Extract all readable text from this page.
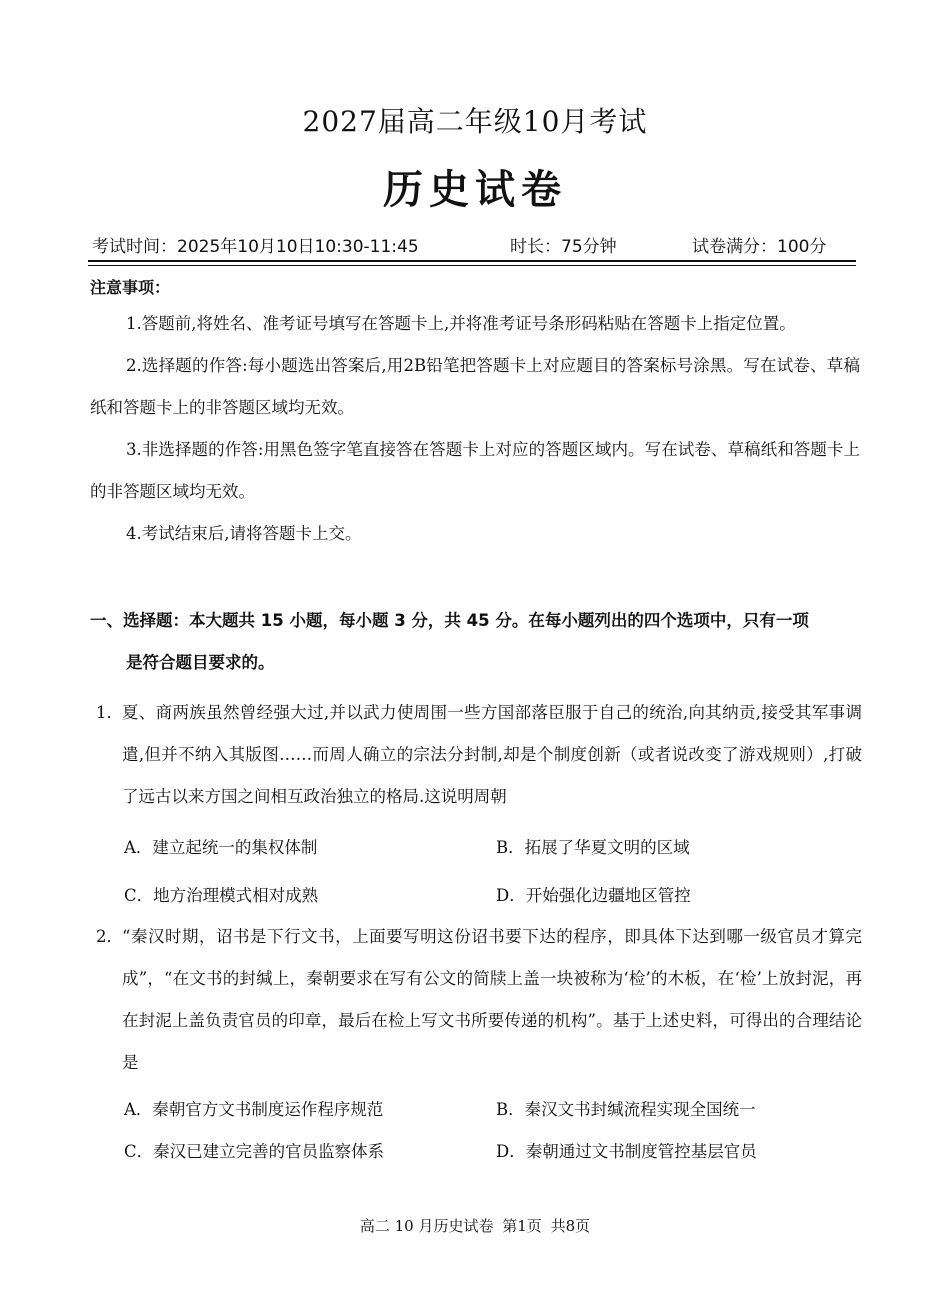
2027届高二年级10月考试
历史试卷
考试时间：2025年10月10日10:30-11:45	时长：75分钟	试卷满分：100分
注意事项：
1.答题前,将姓名、准考证号填写在答题卡上,并将准考证号条形码粘贴在答题卡上指定位置。
2.选择题的作答:每小题选出答案后,用2B铅笔把答题卡上对应题目的答案标号涂黑。写在试卷、草稿纸和答题卡上的非答题区域均无效。
3.非选择题的作答:用黑色签字笔直接答在答题卡上对应的答题区域内。写在试卷、草稿纸和答题卡上的非答题区域均无效。
4.考试结束后,请将答题卡上交。
一、选择题：本大题共 15 小题，每小题 3 分，共 45 分。在每小题列出的四个选项中，只有一项
是符合题目要求的。
1． 夏、商两族虽然曾经强大过,并以武力使周围一些方国部落臣服于自己的统治,向其纳贡,接受其军事调遣,但并不纳入其版图……而周人确立的宗法分封制,却是个制度创新（或者说改变了游戏规则）,打破了远古以来方国之间相互政治独立的格局.这说明周朝
A．建立起统一的集权体制	B．拓展了华夏文明的区域
C．地方治理模式相对成熟	D．开始强化边疆地区管控
2． “秦汉时期，诏书是下行文书，上面要写明这份诏书要下达的程序，即具体下达到哪一级官员才算完成”，“在文书的封缄上，秦朝要求在写有公文的简牍上盖一块被称为‘检’的木板，在‘检’上放封泥，再在封泥上盖负责官员的印章，最后在检上写文书所要传递的机构”。基于上述史料，可得出的合理结论是
A．秦朝官方文书制度运作程序规范	B．秦汉文书封缄流程实现全国统一
C．秦汉已建立完善的官员监察体系	D．秦朝通过文书制度管控基层官员
高二 10 月历史试卷 第1页 共8页
